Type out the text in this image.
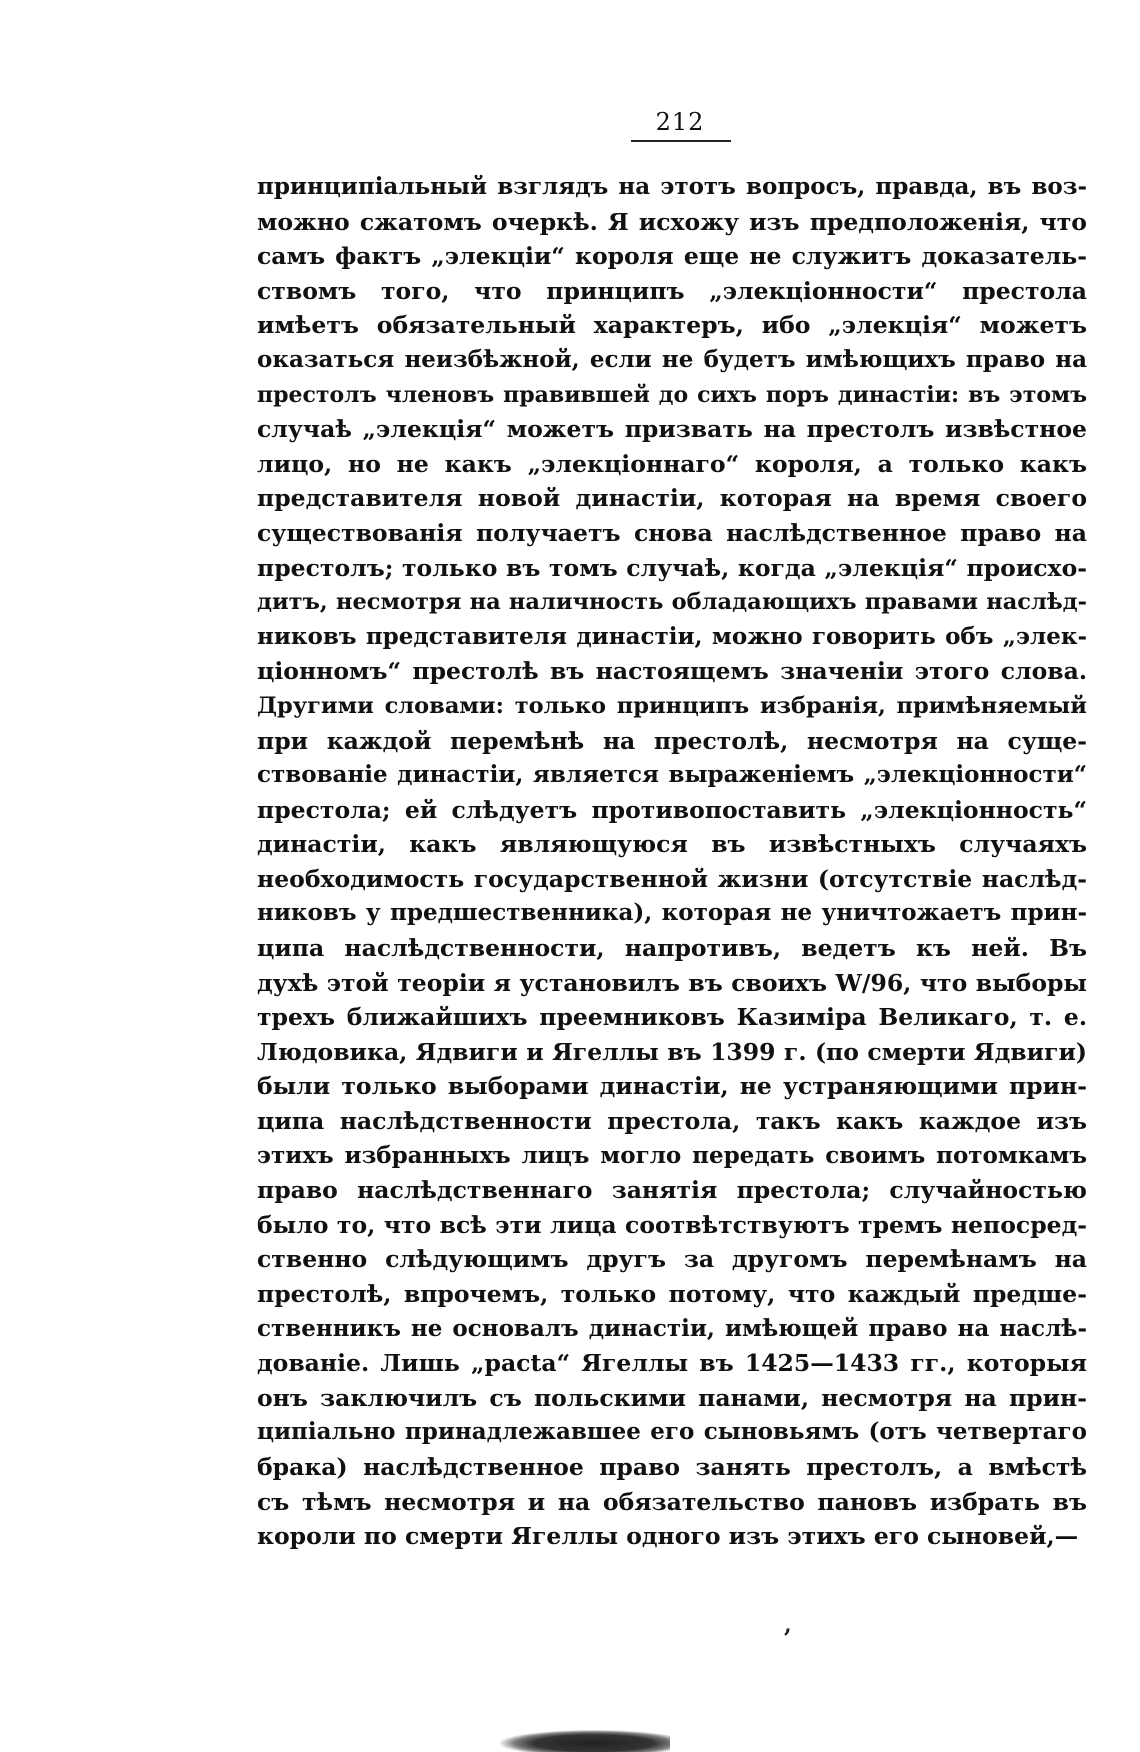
212
принципіальный взглядъ на этотъ вопросъ, правда, въ воз-
можно сжатомъ очеркѣ. Я исхожу изъ предположенія, что
самъ фактъ „элекціи“ короля еще не служитъ доказатель-
ствомъ того, что принципъ „элекціонности“ престола
имѣетъ обязательный характеръ, ибо „элекція“ можетъ
оказаться неизбѣжной, если не будетъ имѣющихъ право на
престолъ членовъ правившей до сихъ поръ династіи: въ этомъ
случаѣ „элекція“ можетъ призвать на престолъ извѣстное
лицо, но не какъ „элекціоннаго“ короля, а только какъ
представителя новой династіи, которая на время своего
существованія получаетъ снова наслѣдственное право на
престолъ; только въ томъ случаѣ, когда „элекція“ происхо-
дитъ, несмотря на наличность обладающихъ правами наслѣд-
никовъ представителя династіи, можно говорить объ „элек-
ціонномъ“ престолѣ въ настоящемъ значеніи этого слова.
Другими словами: только принципъ избранія, примѣняемый
при каждой перемѣнѣ на престолѣ, несмотря на суще-
ствованіе династіи, является выраженіемъ „элекціонности“
престола; ей слѣдуетъ противопоставить „элекціонность“
династіи, какъ являющуюся въ извѣстныхъ случаяхъ
необходимость государственной жизни (отсутствіе наслѣд-
никовъ у предшественника), которая не уничтожаетъ прин-
ципа наслѣдственности, напротивъ, ведетъ къ ней. Въ
духѣ этой теоріи я установилъ въ своихъ W/96, что выборы
трехъ ближайшихъ преемниковъ Казиміра Великаго, т. е.
Людовика, Ядвиги и Ягеллы въ 1399 г. (по смерти Ядвиги)
были только выборами династіи, не устраняющими прин-
ципа наслѣдственности престола, такъ какъ каждое изъ
этихъ избранныхъ лицъ могло передать своимъ потомкамъ
право наслѣдственнаго занятія престола; случайностью
было то, что всѣ эти лица соотвѣтствуютъ тремъ непосред-
ственно слѣдующимъ другъ за другомъ перемѣнамъ на
престолѣ, впрочемъ, только потому, что каждый предше-
ственникъ не основалъ династіи, имѣющей право на наслѣ-
дованіе. Лишь „pacta“ Ягеллы въ 1425—1433 гг., которыя
онъ заключилъ съ польскими панами, несмотря на прин-
ципіально принадлежавшее его сыновьямъ (отъ четвертаго
брака) наслѣдственное право занять престолъ, а вмѣстѣ
съ тѣмъ несмотря и на обязательство пановъ избрать въ
короли по смерти Ягеллы одного изъ этихъ его сыновей,—
,
